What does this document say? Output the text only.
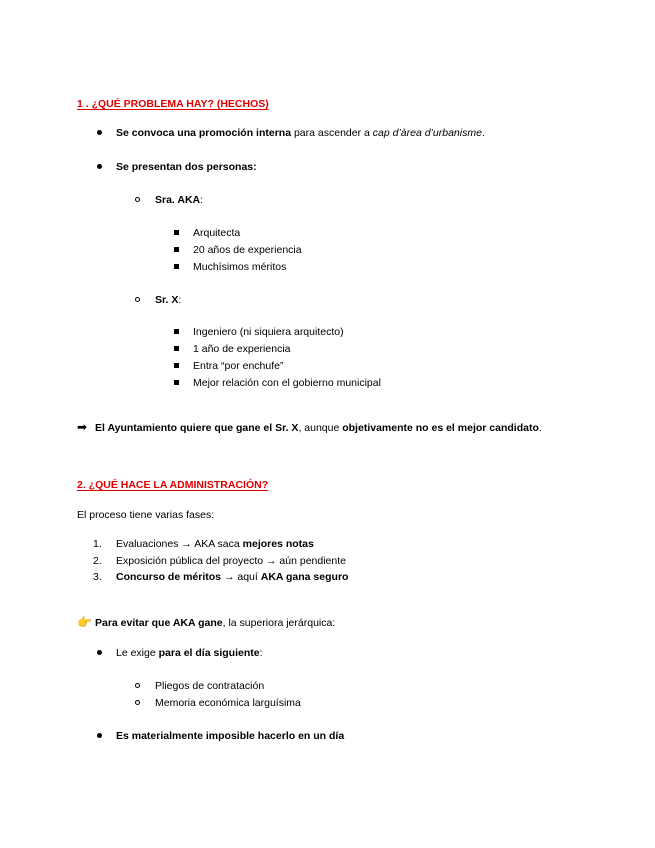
1 . ¿QUÉ PROBLEMA HAY? (HECHOS)
Se convoca una promoción interna para ascender a cap d’àrea d’urbanisme.
Se presentan dos personas:
Sra. AKA:
Arquitecta
20 años de experiencia
Muchísimos méritos
Sr. X:
Ingeniero (ni siquiera arquitecto)
1 año de experiencia
Entra “por enchufe”
Mejor relación con el gobierno municipal
➡ El Ayuntamiento quiere que gane el Sr. X, aunque objetivamente no es el mejor candidato.
2. ¿QUÉ HACE LA ADMINISTRACIÓN?
El proceso tiene varias fases:
1. Evaluaciones → AKA saca mejores notas
2. Exposición pública del proyecto → aún pendiente
3. Concurso de méritos → aquí AKA gana seguro
👉 Para evitar que AKA gane, la superiora jerárquica:
Le exige para el día siguiente:
Pliegos de contratación
Memoria económica larguísima
Es materialmente imposible hacerlo en un día
